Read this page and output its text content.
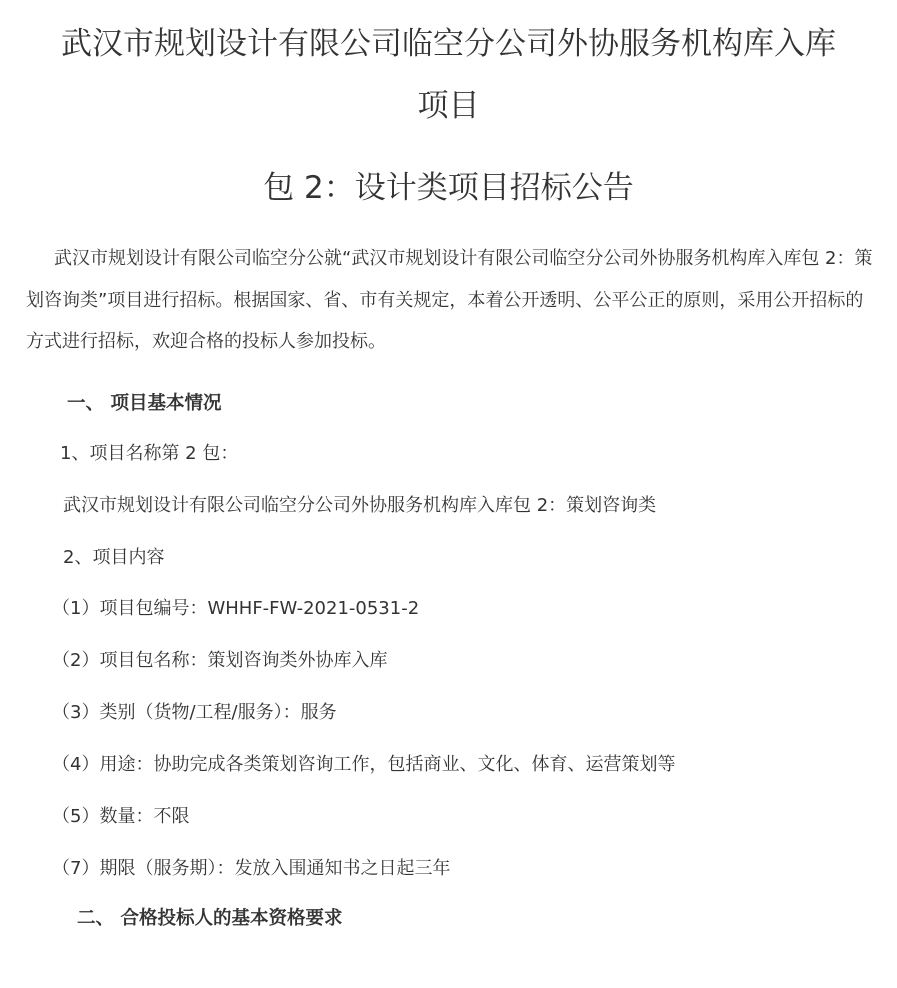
武汉市规划设计有限公司临空分公司外协服务机构库入库
项目
包 2：设计类项目招标公告

武汉市规划设计有限公司临空分公就“武汉市规划设计有限公司临空分公司外协服务机构库入库包 2：策划咨询类”项目进行招标。根据国家、省、市有关规定，本着公开透明、公平公正的原则，采用公开招标的方式进行招标，欢迎合格的投标人参加投标。

一、 项目基本情况

1、项目名称第 2 包：

武汉市规划设计有限公司临空分公司外协服务机构库入库包 2：策划咨询类

2、项目内容

（1）项目包编号：WHHF-FW-2021-0531-2

（2）项目包名称：策划咨询类外协库入库

（3）类别（货物/工程/服务）：服务

（4）用途：协助完成各类策划咨询工作，包括商业、文化、体育、运营策划等

（5）数量：不限

（7）期限（服务期）：发放入围通知书之日起三年

二、 合格投标人的基本资格要求
